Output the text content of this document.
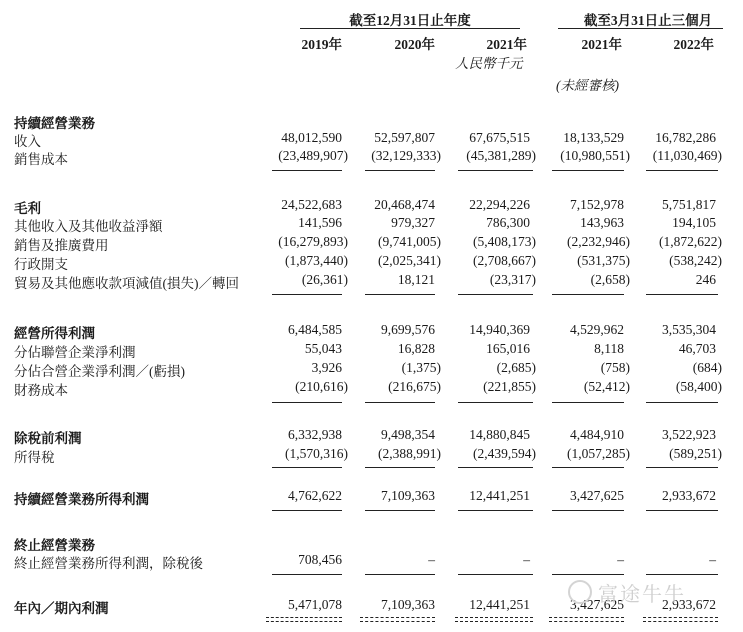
截至12月31日止年度	截至3月31日止三個月
2019年	2020年	2021年	2021年	2022年
人民幣千元
(未經審核)
持續經營業務
收入	48,012,590	52,597,807	67,675,515	18,133,529	16,782,286
銷售成本	(23,489,907)	(32,129,333)	(45,381,289)	(10,980,551)	(11,030,469)
毛利	24,522,683	20,468,474	22,294,226	7,152,978	5,751,817
其他收入及其他收益淨額	141,596	979,327	786,300	143,963	194,105
銷售及推廣費用	(16,279,893)	(9,741,005)	(5,408,173)	(2,232,946)	(1,872,622)
行政開支	(1,873,440)	(2,025,341)	(2,708,667)	(531,375)	(538,242)
貿易及其他應收款項減值(損失)／轉回	(26,361)	18,121	(23,317)	(2,658)	246
經營所得利潤	6,484,585	9,699,576	14,940,369	4,529,962	3,535,304
分佔聯營企業淨利潤	55,043	16,828	165,016	8,118	46,703
分佔合營企業淨利潤／(虧損)	3,926	(1,375)	(2,685)	(758)	(684)
財務成本	(210,616)	(216,675)	(221,855)	(52,412)	(58,400)
除稅前利潤	6,332,938	9,498,354	14,880,845	4,484,910	3,522,923
所得稅	(1,570,316)	(2,388,991)	(2,439,594)	(1,057,285)	(589,251)
持續經營業務所得利潤	4,762,622	7,109,363	12,441,251	3,427,625	2,933,672
終止經營業務
終止經營業務所得利潤，除稅後	708,456	–	–	–	–
年內／期內利潤	5,471,078	7,109,363	12,441,251	3,427,625	2,933,672
富途牛牛
